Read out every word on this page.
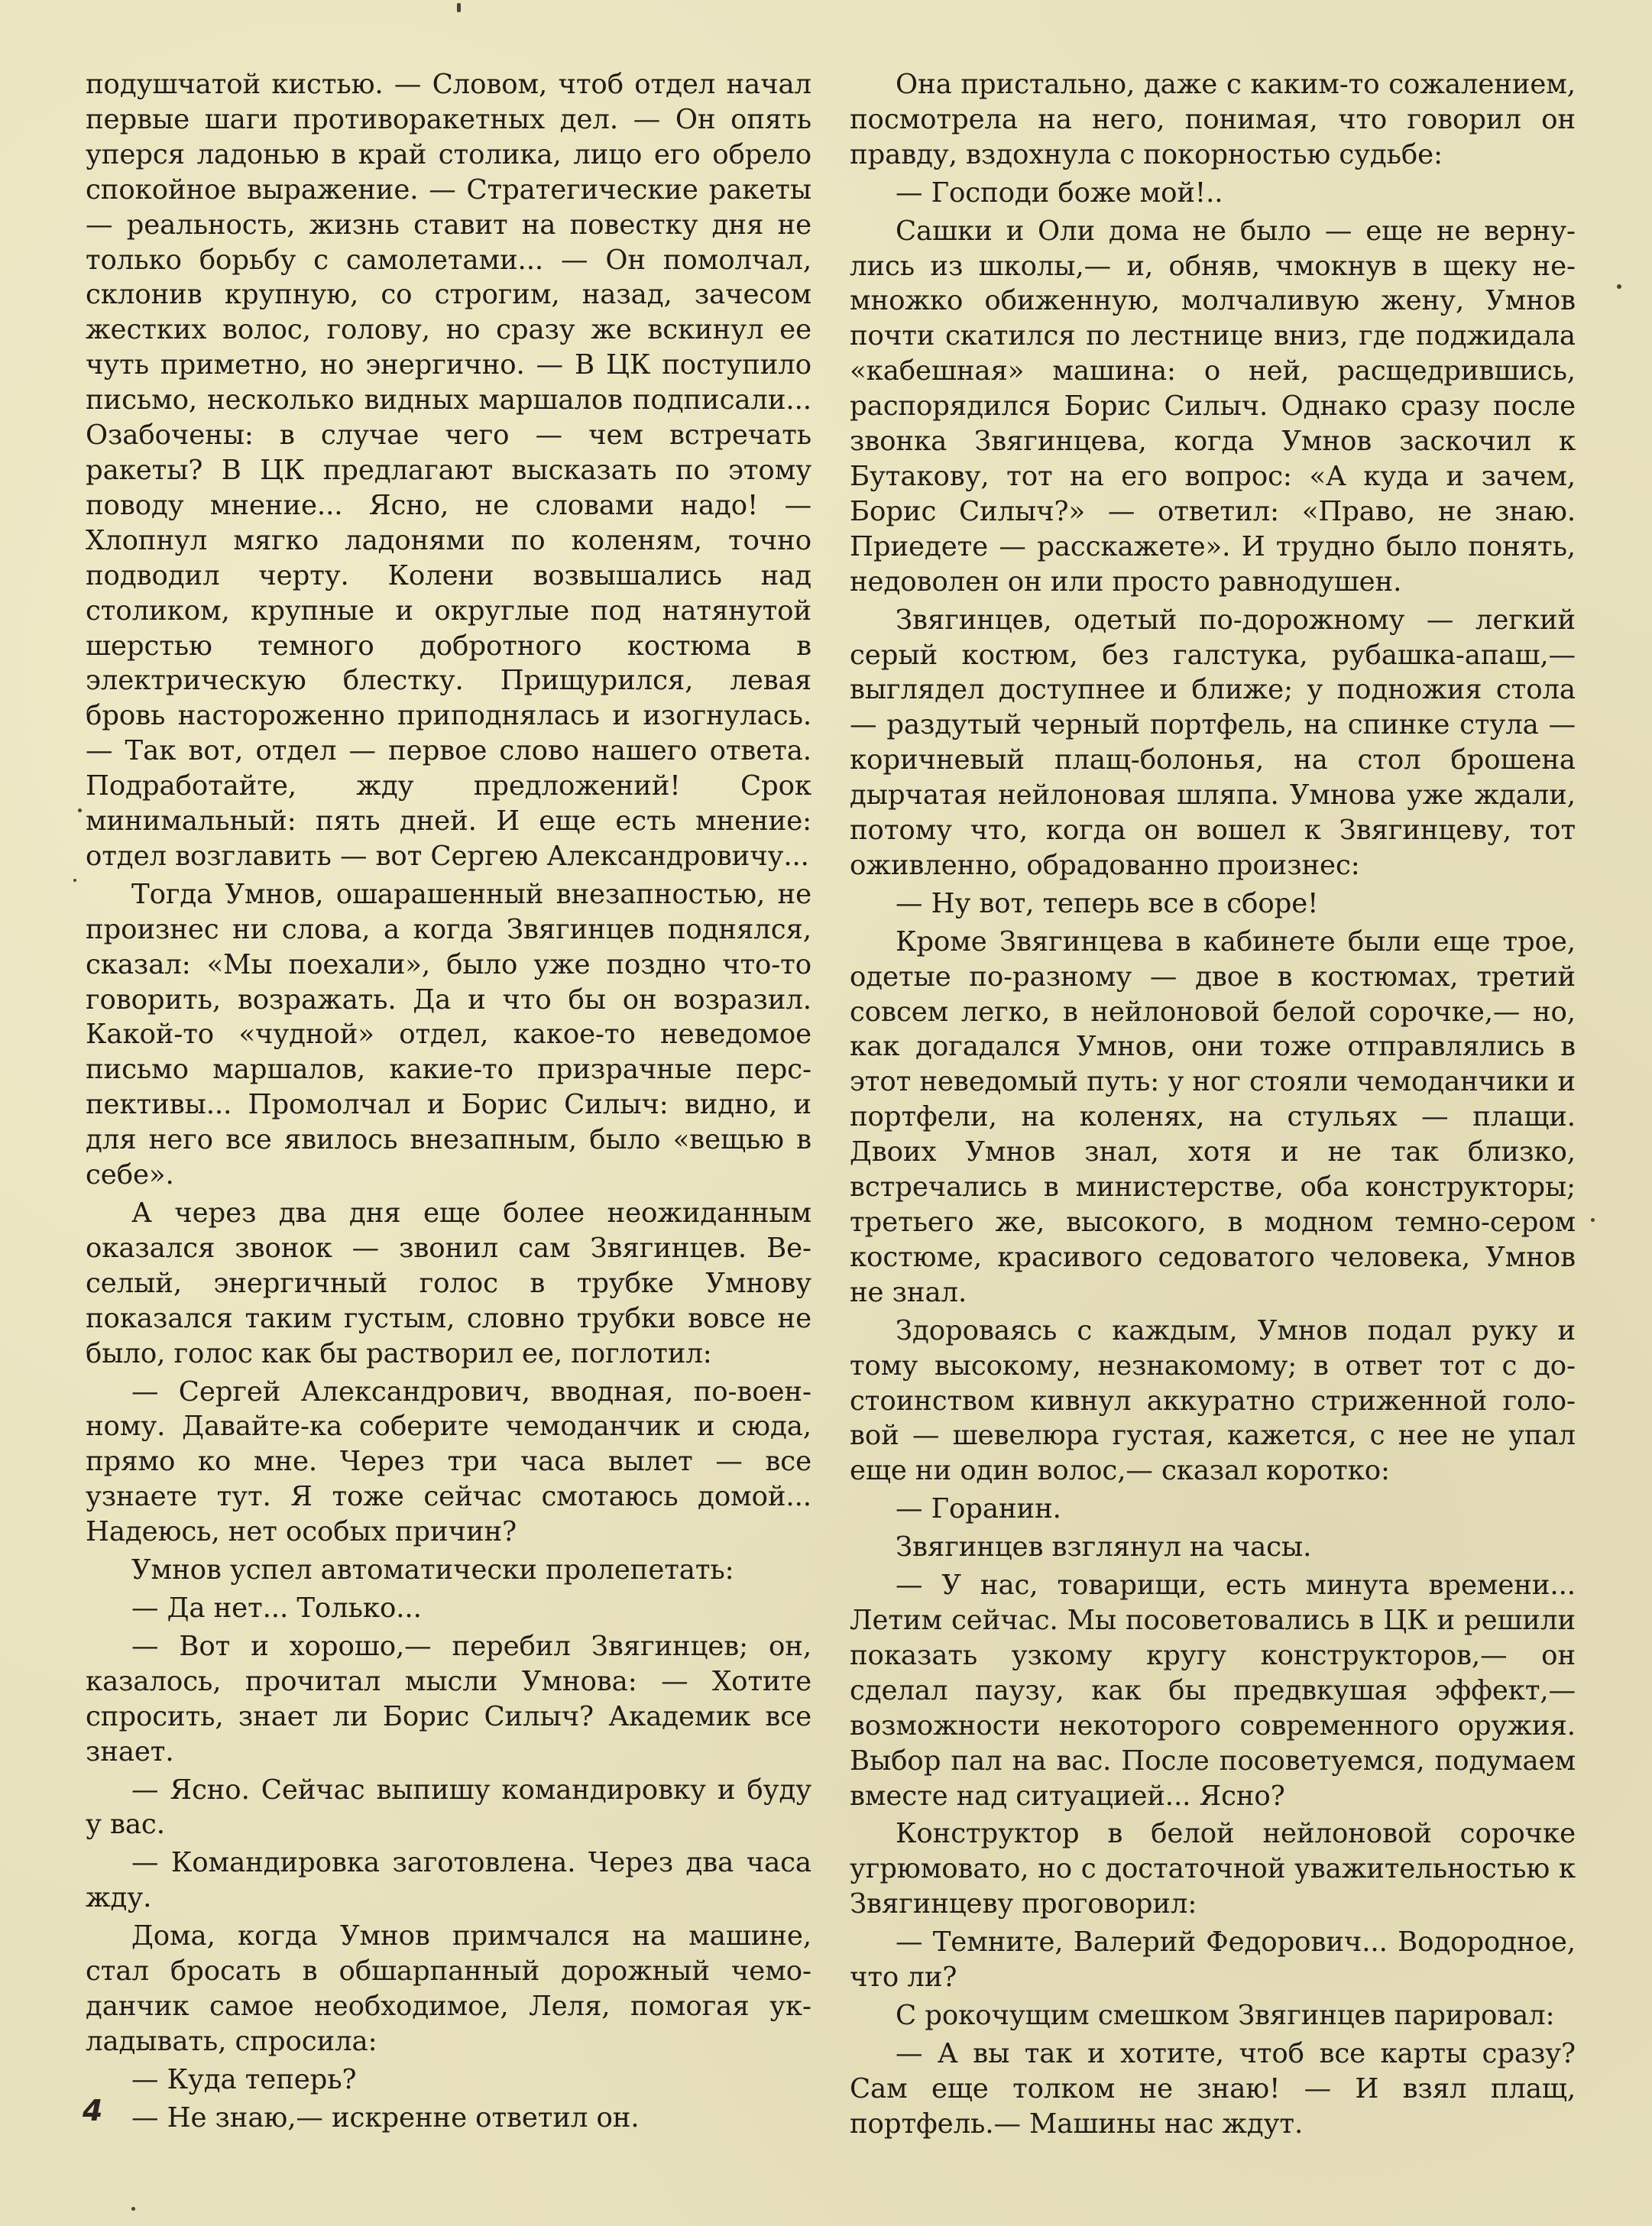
подушчатой кистью. — Словом, чтоб отдел начал первые шаги противоракетных дел. — Он опять уперся ладонью в край столика, лицо его обрело спокойное выражение. — Стратегические ракеты — реальность, жизнь ставит на повестку дня не только борьбу с самолетами... — Он помолчал, склонив крупную, со строгим, назад, зачесом жестких волос, голову, но сразу же вскинул ее чуть приметно, но энергично. — В ЦК поступило письмо, несколько видных маршалов подписали... Озабочены: в случае чего — чем встречать ракеты? В ЦК предлагают высказать по этому поводу мнение... Ясно, не словами надо! — Хлопнул мягко ладонями по коленям, точно подводил черту. Колени возвышались над столиком, крупные и округлые под натянутой шерстью темного добротного костюма в электрическую блестку. Прищурился, левая бровь настороженно приподнялась и изогнулась. — Так вот, отдел — первое слово нашего ответа. Подработайте, жду предложений! Срок минимальный: пять дней. И еще есть мнение: отдел возглавить — вот Сергею Александровичу...

Тогда Умнов, ошарашенный внезапностью, не произнес ни слова, а когда Звягинцев поднялся, сказал: «Мы поехали», было уже поздно что-то говорить, возражать. Да и что бы он возразил. Какой-то «чудной» отдел, какое-то неведомое письмо маршалов, какие-то призрачные перспективы... Промолчал и Борис Силыч: видно, и для него все явилось внезапным, было «вещью в себе».

А через два дня еще более неожиданным оказался звонок — звонил сам Звягинцев. Веселый, энергичный голос в трубке Умнову показался таким густым, словно трубки вовсе не было, голос как бы растворил ее, поглотил:

— Сергей Александрович, вводная, по-военному. Давайте-ка соберите чемоданчик и сюда, прямо ко мне. Через три часа вылет — все узнаете тут. Я тоже сейчас смотаюсь домой... Надеюсь, нет особых причин?

Умнов успел автоматически пролепетать:

— Да нет... Только...

— Вот и хорошо,— перебил Звягинцев; он, казалось, прочитал мысли Умнова: — Хотите спросить, знает ли Борис Силыч? Академик все знает.

— Ясно. Сейчас выпишу командировку и буду у вас.

— Командировка заготовлена. Через два часа жду.

Дома, когда Умнов примчался на машине, стал бросать в обшарпанный дорожный чемоданчик самое необходимое, Леля, помогая укладывать, спросила:

— Куда теперь?

— Не знаю,— искренне ответил он.

Она пристально, даже с каким-то сожалением, посмотрела на него, понимая, что говорил он правду, вздохнула с покорностью судьбе:

— Господи боже мой!..

Сашки и Оли дома не было — еще не вернулись из школы,— и, обняв, чмокнув в щеку немножко обиженную, молчаливую жену, Умнов почти скатился по лестнице вниз, где поджидала «кабешная» машина: о ней, расщедрившись, распорядился Борис Силыч. Однако сразу после звонка Звягинцева, когда Умнов заскочил к Бутакову, тот на его вопрос: «А куда и зачем, Борис Силыч?» — ответил: «Право, не знаю. Приедете — расскажете». И трудно было понять, недоволен он или просто равнодушен.

Звягинцев, одетый по-дорожному — легкий серый костюм, без галстука, рубашка-апаш,— выглядел доступнее и ближе; у подножия стола — раздутый черный портфель, на спинке стула — коричневый плащ-болонья, на стол брошена дырчатая нейлоновая шляпа. Умнова уже ждали, потому что, когда он вошел к Звягинцеву, тот оживленно, обрадованно произнес:

— Ну вот, теперь все в сборе!

Кроме Звягинцева в кабинете были еще трое, одетые по-разному — двое в костюмах, третий совсем легко, в нейлоновой белой сорочке,— но, как догадался Умнов, они тоже отправлялись в этот неведомый путь: у ног стояли чемоданчики и портфели, на коленях, на стульях — плащи. Двоих Умнов знал, хотя и не так близко, встречались в министерстве, оба конструкторы; третьего же, высокого, в модном темно-сером костюме, красивого седоватого человека, Умнов не знал.

Здороваясь с каждым, Умнов подал руку и тому высокому, незнакомому; в ответ тот с достоинством кивнул аккуратно стриженной головой — шевелюра густая, кажется, с нее не упал еще ни один волос,— сказал коротко:

— Горанин.

Звягинцев взглянул на часы.

— У нас, товарищи, есть минута времени... Летим сейчас. Мы посоветовались в ЦК и решили показать узкому кругу конструкторов,— он сделал паузу, как бы предвкушая эффект,— возможности некоторого современного оружия. Выбор пал на вас. После посоветуемся, подумаем вместе над ситуацией... Ясно?

Конструктор в белой нейлоновой сорочке угрюмовато, но с достаточной уважительностью к Звягинцеву проговорил:

— Темните, Валерий Федорович... Водородное, что ли?

С рокочущим смешком Звягинцев парировал:

— А вы так и хотите, чтоб все карты сразу? Сам еще толком не знаю! — И взял плащ, портфель.— Машины нас ждут.

4
